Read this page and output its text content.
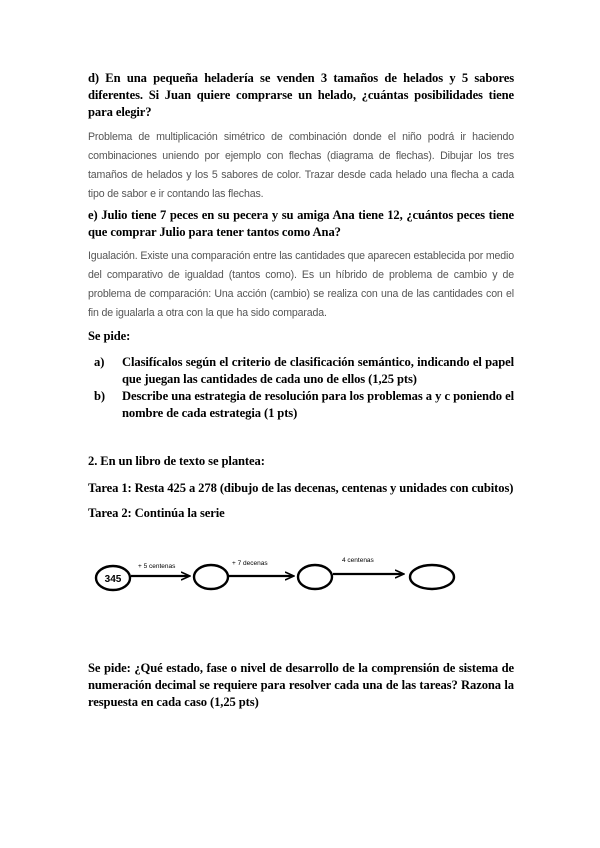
d) En una pequeña heladería se venden 3 tamaños de helados y 5 sabores diferentes. Si Juan quiere comprarse un helado, ¿cuántas posibilidades tiene para elegir?
Problema de multiplicación simétrico de combinación donde el niño podrá ir haciendo combinaciones uniendo por ejemplo con flechas (diagrama de flechas). Dibujar los tres tamaños de helados y los 5 sabores de color. Trazar desde cada helado una flecha a cada tipo de sabor e ir contando las flechas.
e) Julio tiene 7 peces en su pecera y su amiga Ana tiene 12, ¿cuántos peces tiene que comprar Julio para tener tantos como Ana?
Igualación. Existe una comparación entre las cantidades que aparecen establecida por medio del comparativo de igualdad (tantos como). Es un híbrido de problema de cambio y de problema de comparación: Una acción (cambio) se realiza con una de las cantidades con el fin de igualarla a otra con la que ha sido comparada.
Se pide:
a) Clasifícalos según el criterio de clasificación semántico, indicando el papel que juegan las cantidades de cada uno de ellos (1,25 pts)
b) Describe una estrategia de resolución para los problemas a y c poniendo el nombre de cada estrategia (1 pts)
2. En un libro de texto se plantea:
Tarea 1: Resta 425 a 278 (dibujo de las decenas, centenas y unidades con cubitos)
Tarea 2: Continúa la serie
Se pide: ¿Qué estado, fase o nivel de desarrollo de la comprensión de sistema de numeración decimal se requiere para resolver cada una de las tareas? Razona la respuesta en cada caso (1,25 pts)
345
+ 5 centenas	+ 7 decenas	4 centenas
